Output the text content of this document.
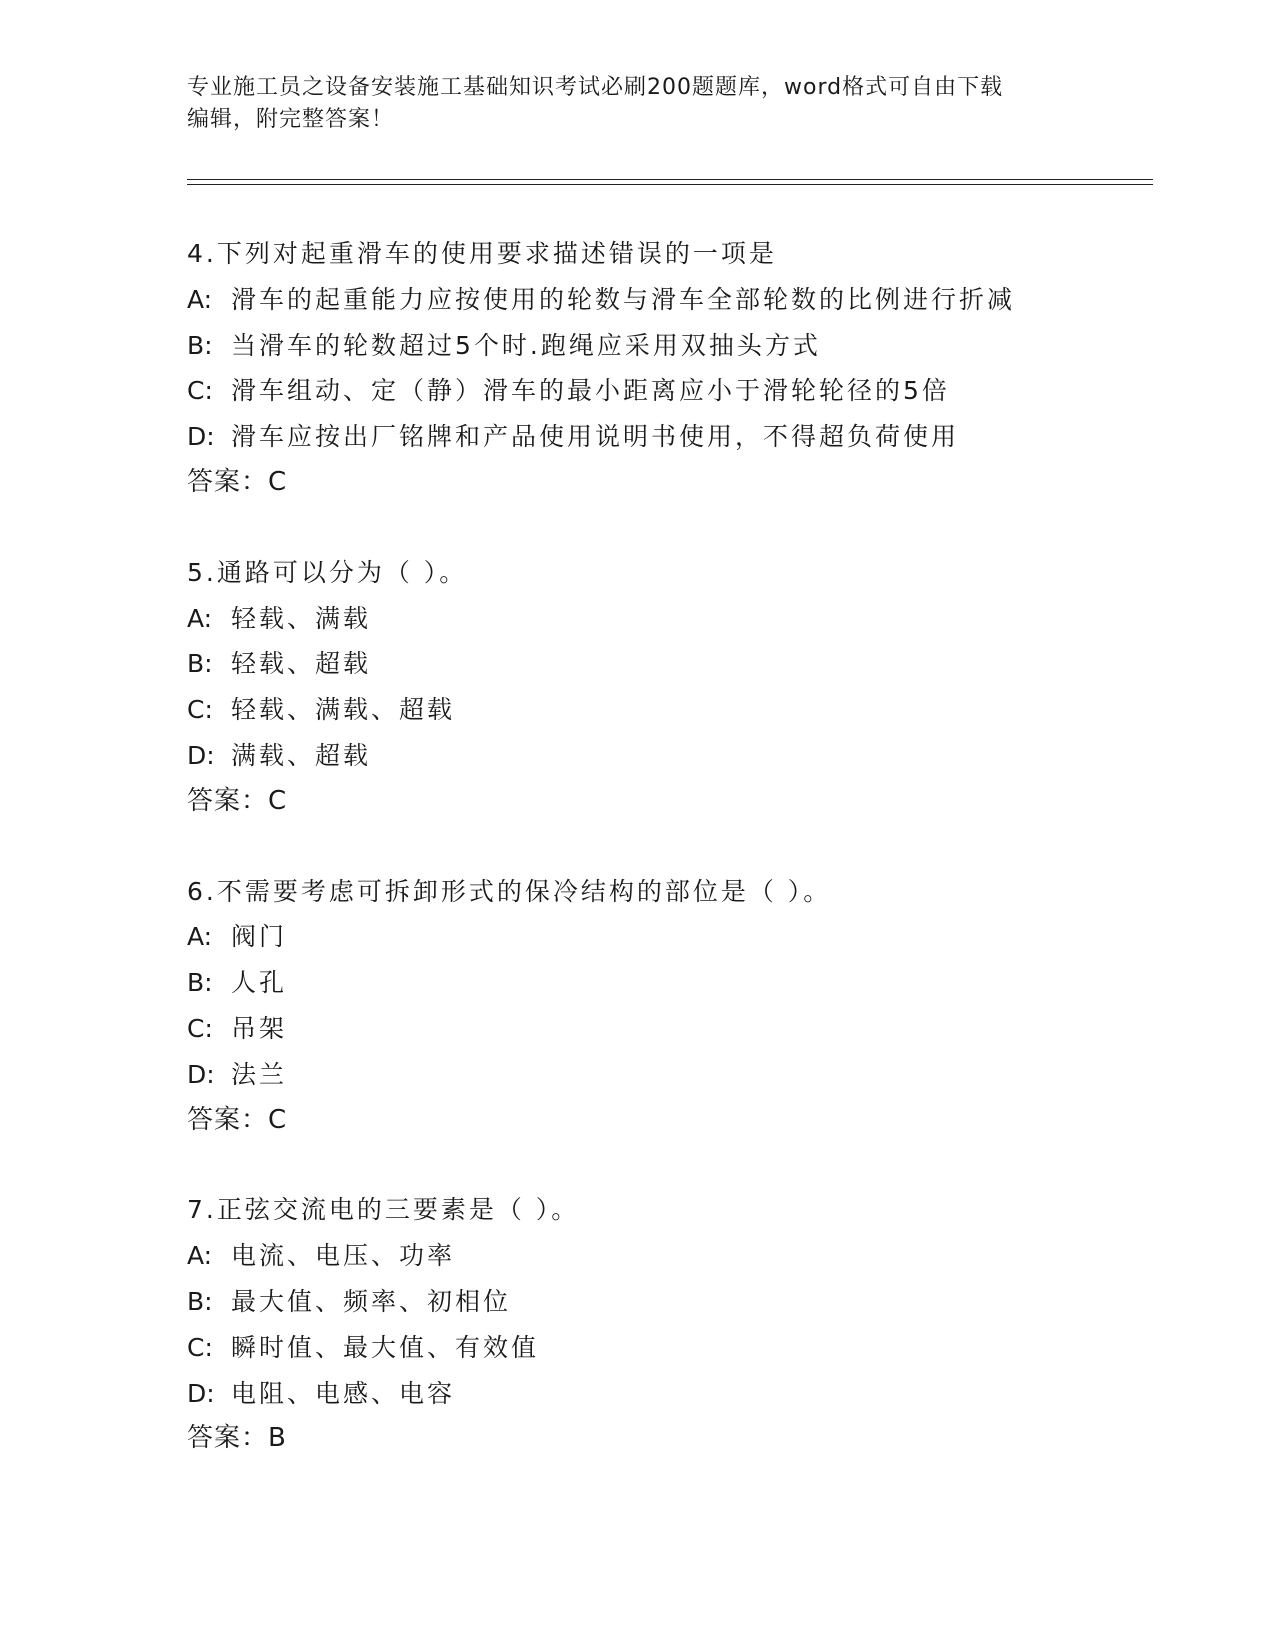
专业施工员之设备安装施工基础知识考试必刷200题题库，word格式可自由下载
编辑，附完整答案！
4.下列对起重滑车的使用要求描述错误的一项是
A: 滑车的起重能力应按使用的轮数与滑车全部轮数的比例进行折减
B: 当滑车的轮数超过5个时.跑绳应采用双抽头方式
C: 滑车组动、定（静）滑车的最小距离应小于滑轮轮径的5倍
D: 滑车应按出厂铭牌和产品使用说明书使用，不得超负荷使用
答案：C
5.通路可以分为（ ）。
A: 轻载、满载
B: 轻载、超载
C: 轻载、满载、超载
D: 满载、超载
答案：C
6.不需要考虑可拆卸形式的保冷结构的部位是（ ）。
A: 阀门
B: 人孔
C: 吊架
D: 法兰
答案：C
7.正弦交流电的三要素是（ ）。
A: 电流、电压、功率
B: 最大值、频率、初相位
C: 瞬时值、最大值、有效值
D: 电阻、电感、电容
答案：B
